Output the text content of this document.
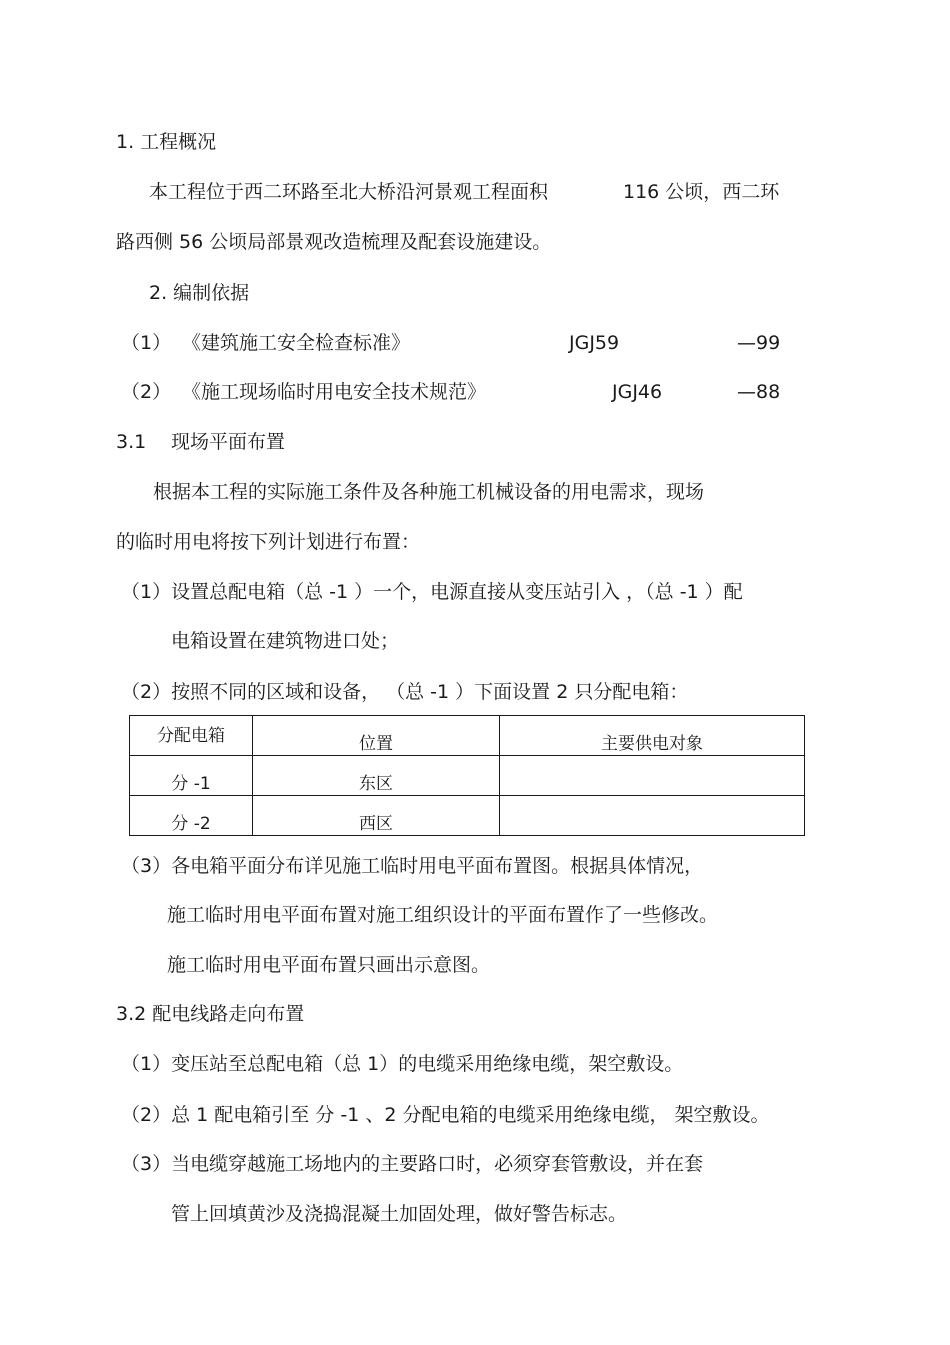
1. 工程概况
本工程位于西二环路至北大桥沿河景观工程面积	116 公顷，西二环
路西侧 56 公顷局部景观改造梳理及配套设施建设。
2. 编制依据
（1） 《建筑施工安全检查标准》	JGJ59	—99
（2） 《施工现场临时用电安全技术规范》	JGJ46	—88
3.1 现场平面布置
根据本工程的实际施工条件及各种施工机械设备的用电需求，现场
的临时用电将按下列计划进行布置：
（1）设置总配电箱（总 -1 ）一个，电源直接从变压站引入 ，（总 -1 ）配
电箱设置在建筑物进口处；
（2）按照不同的区域和设备， （总 -1 ）下面设置 2 只分配电箱：
分配电箱	位置	主要供电对象
分 -1	东区	
分 -2	西区	
（3）各电箱平面分布详见施工临时用电平面布置图。根据具体情况，
施工临时用电平面布置对施工组织设计的平面布置作了一些修改。
施工临时用电平面布置只画出示意图。
3.2 配电线路走向布置
（1）变压站至总配电箱（总 1）的电缆采用绝缘电缆，架空敷设。
（2）总 1 配电箱引至 分 -1 、2 分配电箱的电缆采用绝缘电缆， 架空敷设。
（3）当电缆穿越施工场地内的主要路口时，必须穿套管敷设，并在套
管上回填黄沙及浇捣混凝土加固处理，做好警告标志。
